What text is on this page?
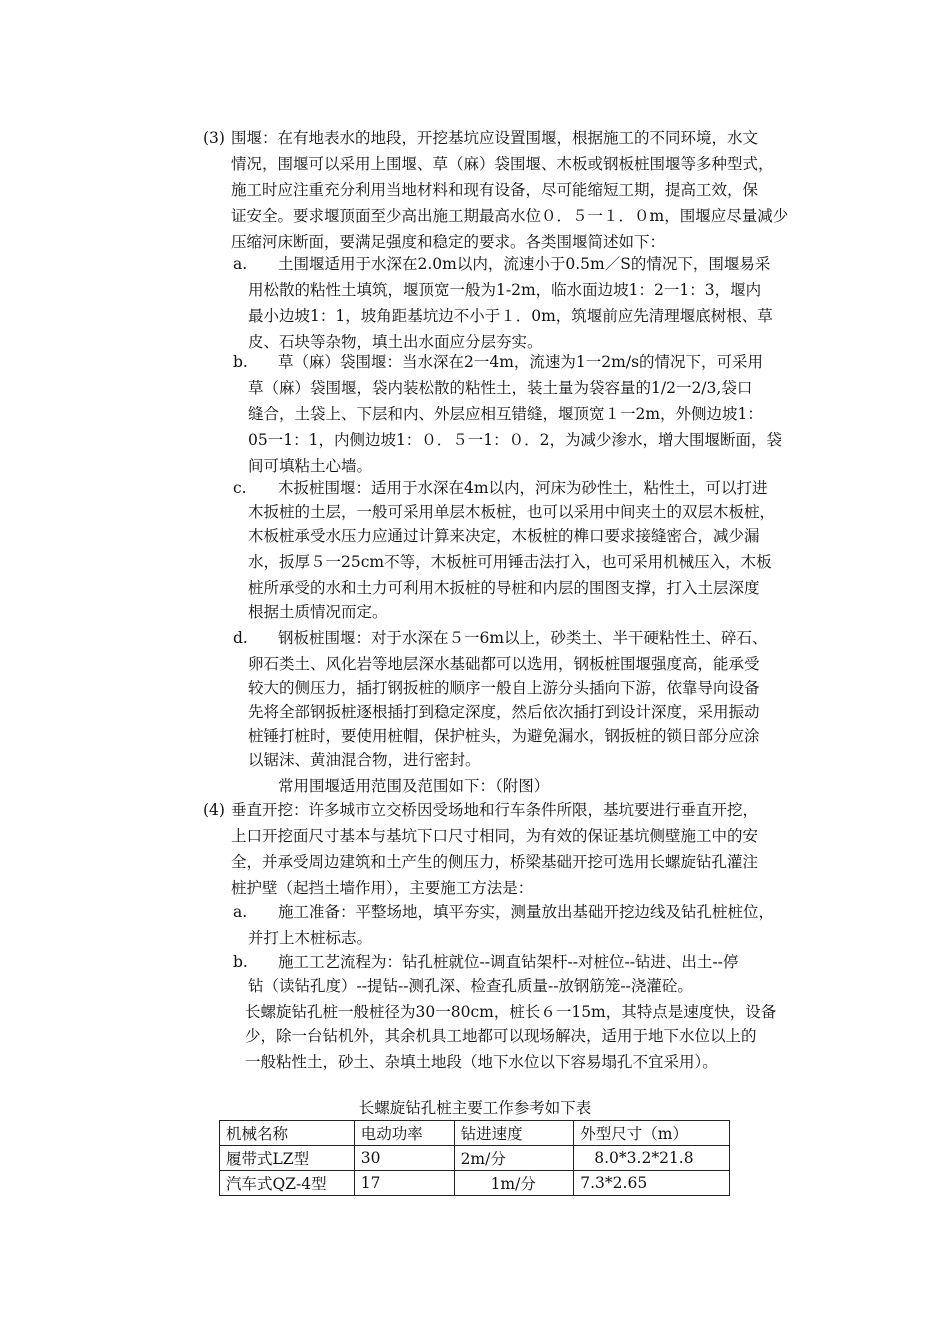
(3) 围堰：在有地表水的地段，开挖基坑应设置围堰，根据施工的不同环境，水文
情况，围堰可以采用上围堰、草（麻）袋围堰、木板或钢板桩围堰等多种型式，
施工时应注重充分利用当地材料和现有设备，尽可能缩短工期，提高工效，保
证安全。要求堰顶面至少高出施工期最高水位０．５一１．０m，围堰应尽量减少
压缩河床断面，要满足强度和稳定的要求。各类围堰简述如下：
a. 土围堰适用于水深在2.0m以内，流速小于0.5m／S的情况下，围堰易采
用松散的粘性土填筑，堰顶宽一般为1-2m，临水面边坡1：2一1：3，堰内
最小边坡1：1，坡角距基坑边不小于１．0m，筑堰前应先清理堰底树根、草
皮、石块等杂物，填土出水面应分层夯实。
b. 草（麻）袋围堰：当水深在2一4m，流速为1一2m/s的情况下，可采用
草（麻）袋围堰，袋内装松散的粘性土，装土量为袋容量的1/2一2/3,袋口
缝合，土袋上、下层和内、外层应相互错缝，堰顶宽１一2m，外侧边坡1：
05一1：1，内侧边坡1：０．５一1：０．2，为减少渗水，增大围堰断面，袋
间可填粘土心墙。
c. 木扳桩围堰：适用于水深在4m以内，河床为砂性土，粘性土，可以打进
木扳桩的土层，一般可采用单层木板桩，也可以采用中间夹土的双层木板桩，
木板桩承受水压力应通过计算来决定，木板桩的榫口要求接缝密合，减少漏
水，扳厚５一25cm不等，木板桩可用锤击法打入，也可采用机械压入，木板
桩所承受的水和土力可利用木扳桩的导桩和内层的围图支撑，打入土层深度
根据土质情况而定。
d. 钢板桩围堰：对于水深在５一6m以上，砂类土、半干硬粘性土、碎石、
卵石类土、风化岩等地层深水基础都可以选用，钢板桩围堰强度高，能承受
较大的侧压力，插打钢扳桩的顺序一般自上游分头插向下游，依靠导向设备
先将全部钢扳桩逐根插打到稳定深度，然后依次插打到设计深度，采用振动
桩锤打桩时，要使用桩帽，保护桩头，为避免漏水，钢扳桩的锁日部分应涂
以锯沫、黄油混合物，进行密封。
常用围堰适用范围及范围如下：（附图）
(4) 垂直开挖：许多城市立交桥因受场地和行车条件所限，基坑要进行垂直开挖，
上口开挖面尺寸基本与基坑下口尺寸相同，为有效的保证基坑侧壁施工中的安
全，并承受周边建筑和土产生的侧压力，桥梁基础开挖可选用长螺旋钻孔灌注
桩护壁（起挡土墙作用），主要施工方法是：
a. 施工准备：平整场地，填平夯实，测量放出基础开挖边线及钻孔桩桩位，
并打上木桩标志。
b. 施工工艺流程为：钻孔桩就位--调直钻架杆--对桩位--钻进、出土--停
钻（读钻孔度）--提钻--测孔深、检查孔质量--放钢筋笼--浇灌砼。
长螺旋钻孔桩一般桩径为30一80cm，桩长６一15m，其特点是速度快，设备
少，除一台钻机外，其余机具工地都可以现场解决，适用于地下水位以上的
一般粘性土，砂土、杂填土地段（地下水位以下容易塌孔不宜采用）。
长螺旋钻孔桩主要工作参考如下表
机械名称	电动功率	钻进速度	外型尺寸（m）
履带式LZ型	30	2m/分	8.0*3.2*21.8
汽车式QZ-4型	17	1m/分	7.3*2.65
